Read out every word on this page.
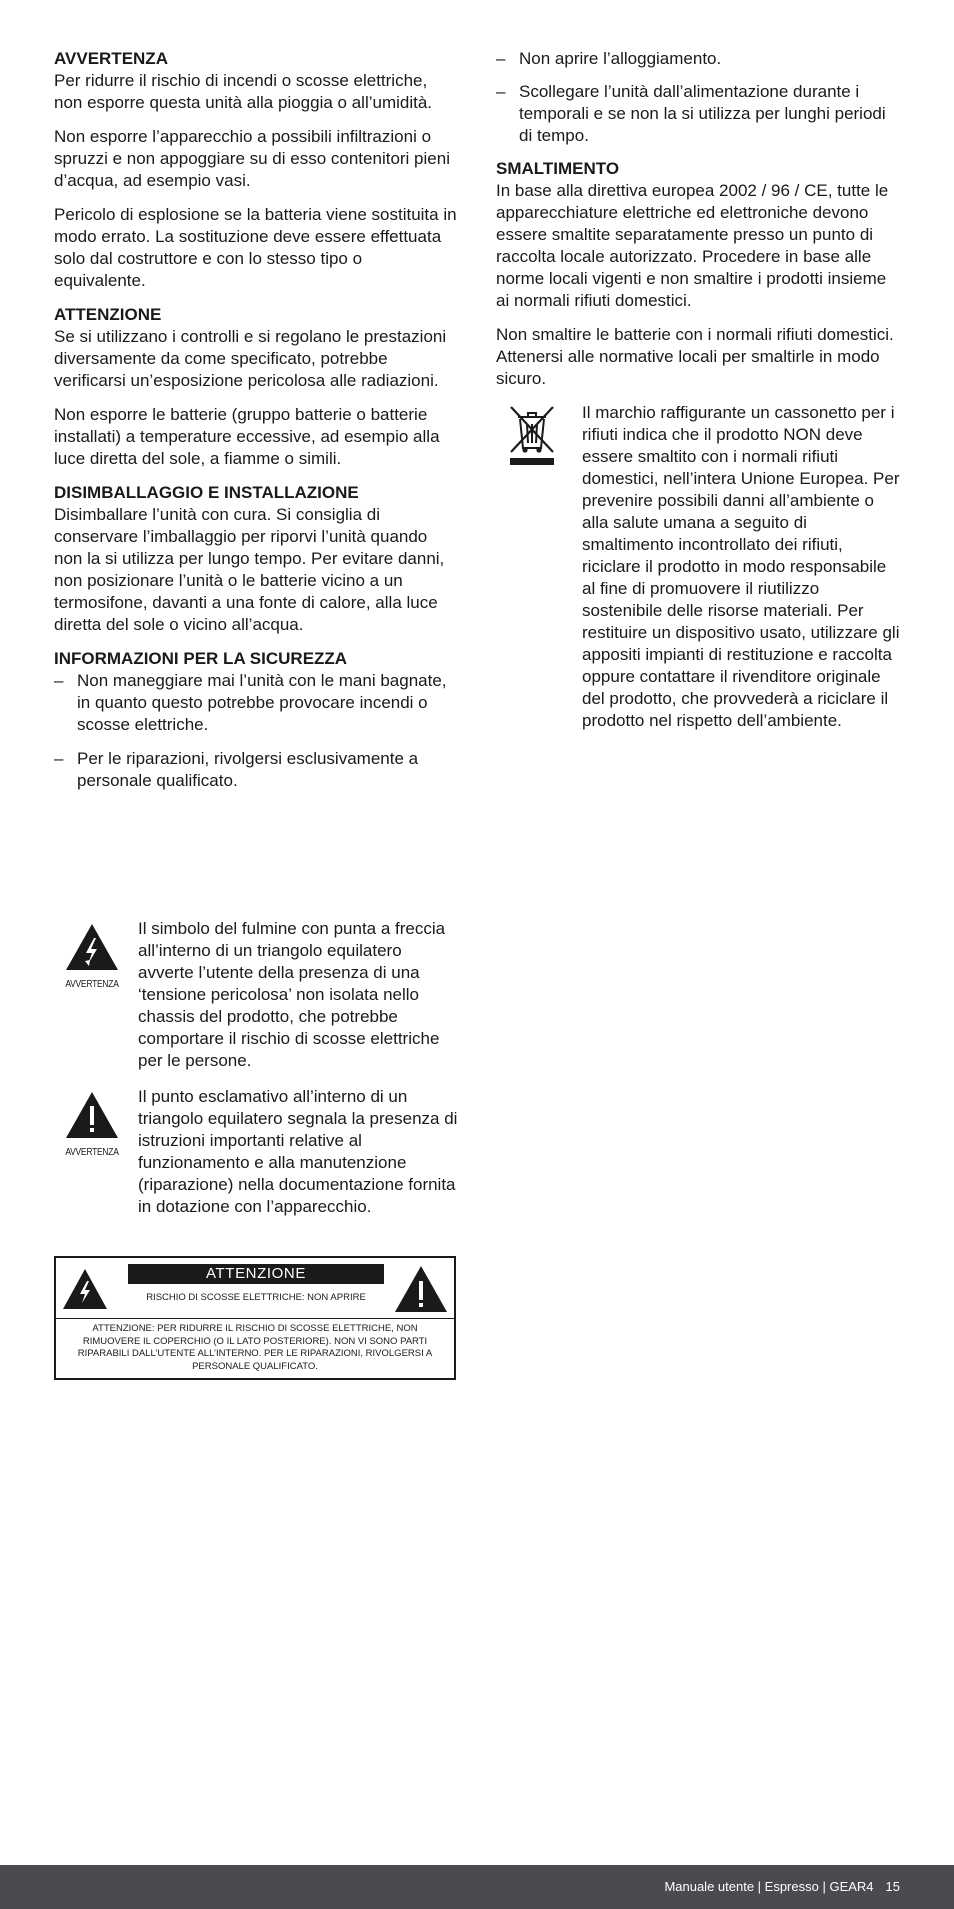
AVVERTENZA

Per ridurre il rischio di incendi o scosse elettriche, non esporre questa unità alla pioggia o all’umidità.

Non esporre l’apparecchio a possibili infiltrazioni o spruzzi e non appoggiare su di esso contenitori pieni d’acqua, ad esempio vasi.

Pericolo di esplosione se la batteria viene sostituita in modo errato. La sostituzione deve essere effettuata solo dal costruttore e con lo stesso tipo o equivalente.

ATTENZIONE

Se si utilizzano i controlli e si regolano le prestazioni diversamente da come specificato, potrebbe verificarsi un’esposizione pericolosa alle radiazioni.

Non esporre le batterie (gruppo batterie o batterie installati) a temperature eccessive, ad esempio alla luce diretta del sole, a fiamme o simili.

DISIMBALLAGGIO E INSTALLAZIONE

Disimballare l’unità con cura. Si consiglia di conservare l’imballaggio per riporvi l’unità quando non la si utilizza per lungo tempo. Per evitare danni, non posizionare l’unità o le batterie vicino a un termosifone, davanti a una fonte di calore, alla luce diretta del sole o vicino all’acqua.

INFORMAZIONI PER LA SICUREZZA
– Non maneggiare mai l’unità con le mani bagnate, in quanto questo potrebbe provocare incendi o scosse elettriche.
– Per le riparazioni, rivolgersi esclusivamente a personale qualificato.
– Non aprire l’alloggiamento.
– Scollegare l’unità dall’alimentazione durante i temporali e se non la si utilizza per lunghi periodi di tempo.
SMALTIMENTO

In base alla direttiva europea 2002 / 96 / CE, tutte le apparecchiature elettriche ed elettroniche devono essere smaltite separatamente presso un punto di raccolta locale autorizzato. Procedere in base alle norme locali vigenti e non smaltire i prodotti insieme ai normali rifiuti domestici.

Non smaltire le batterie con i normali rifiuti domestici. Attenersi alle normative locali per smaltirle in modo sicuro.

Il marchio raffigurante un cassonetto per i rifiuti indica che il prodotto NON deve essere smaltito con i normali rifiuti domestici, nell’intera Unione Europea. Per prevenire possibili danni all’ambiente o alla salute umana a seguito di smaltimento incontrollato dei rifiuti, riciclare il prodotto in modo responsabile al fine di promuovere il riutilizzo sostenibile delle risorse materiali. Per restituire un dispositivo usato, utilizzare gli appositi impianti di restituzione e raccolta oppure contattare il rivenditore originale del prodotto, che provvederà a riciclare il prodotto nel rispetto dell’ambiente.
AVVERTENZA
Il simbolo del fulmine con punta a freccia all’interno di un triangolo equilatero avverte l’utente della presenza di una ‘tensione pericolosa’ non isolata nello chassis del prodotto, che potrebbe comportare il rischio di scosse elettriche per le persone.
AVVERTENZA
Il punto esclamativo all’interno di un triangolo equilatero segnala la presenza di istruzioni importanti relative al funzionamento e alla manutenzione (riparazione) nella documentazione fornita in dotazione con l’apparecchio.
ATTENZIONE
RISCHIO DI SCOSSE ELETTRICHE: NON APRIRE
ATTENZIONE: PER RIDURRE IL RISCHIO DI SCOSSE ELETTRICHE, NON RIMUOVERE IL COPERCHIO (O IL LATO POSTERIORE). NON VI SONO PARTI RIPARABILI DALL’UTENTE ALL’INTERNO. PER LE RIPARAZIONI, RIVOLGERSI A PERSONALE QUALIFICATO.
Manuale utente | Espresso | GEAR4 15
